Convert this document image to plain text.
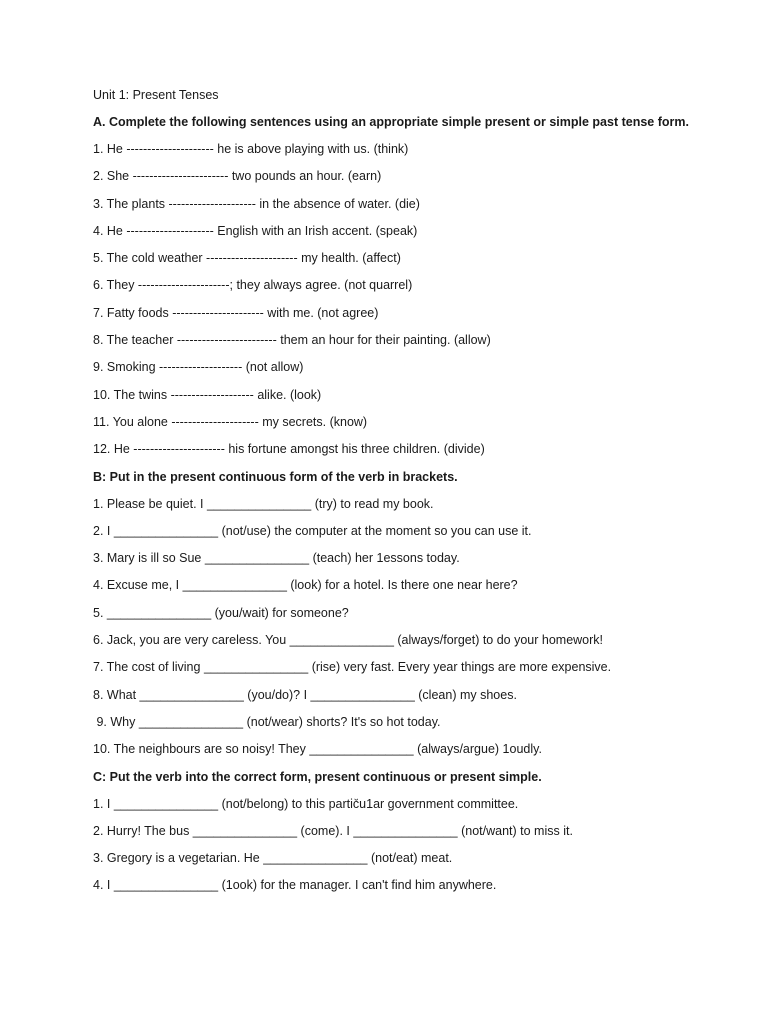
Unit 1: Present Tenses
A. Complete the following sentences using an appropriate simple present or simple past tense form.
1. He --------------------- he is above playing with us. (think)
2. She ----------------------- two pounds an hour. (earn)
3. The plants --------------------- in the absence of water. (die)
4. He --------------------- English with an Irish accent. (speak)
5. The cold weather ---------------------- my health. (affect)
6. They ----------------------; they always agree. (not quarrel)
7. Fatty foods ---------------------- with me. (not agree)
8. The teacher ------------------------ them an hour for their painting. (allow)
9. Smoking -------------------- (not allow)
10. The twins -------------------- alike. (look)
11. You alone --------------------- my secrets. (know)
12. He ---------------------- his fortune amongst his three children. (divide)
B: Put in the present continuous form of the verb in brackets.
1. Please be quiet. I _______________ (try) to read my book.
2. I _______________ (not/use) the computer at the moment so you can use it.
3. Mary is ill so Sue _______________ (teach) her 1essons today.
4. Excuse me, I _______________ (look) for a hotel. Is there one near here?
5. _______________ (you/wait) for someone?
6. Jack, you are very careless. You _______________ (always/forget) to do your homework!
7. The cost of living _______________ (rise) very fast. Every year things are more expensive.
8. What _______________ (you/do)? I _______________ (clean) my shoes.
9. Why _______________ (not/wear) shorts? It's so hot today.
10. The neighbours are so noisy! They _______________ (always/argue) 1oudly.
C: Put the verb into the correct form, present continuous or present simple.
1. I _______________ (not/belong) to this partic̆u1ar government committee.
2. Hurry! The bus _______________ (come). I _______________ (not/want) to miss it.
3. Gregory is a vegetarian. He _______________ (not/eat) meat.
4. I _______________ (1ook) for the manager. I can't find him anywhere.
